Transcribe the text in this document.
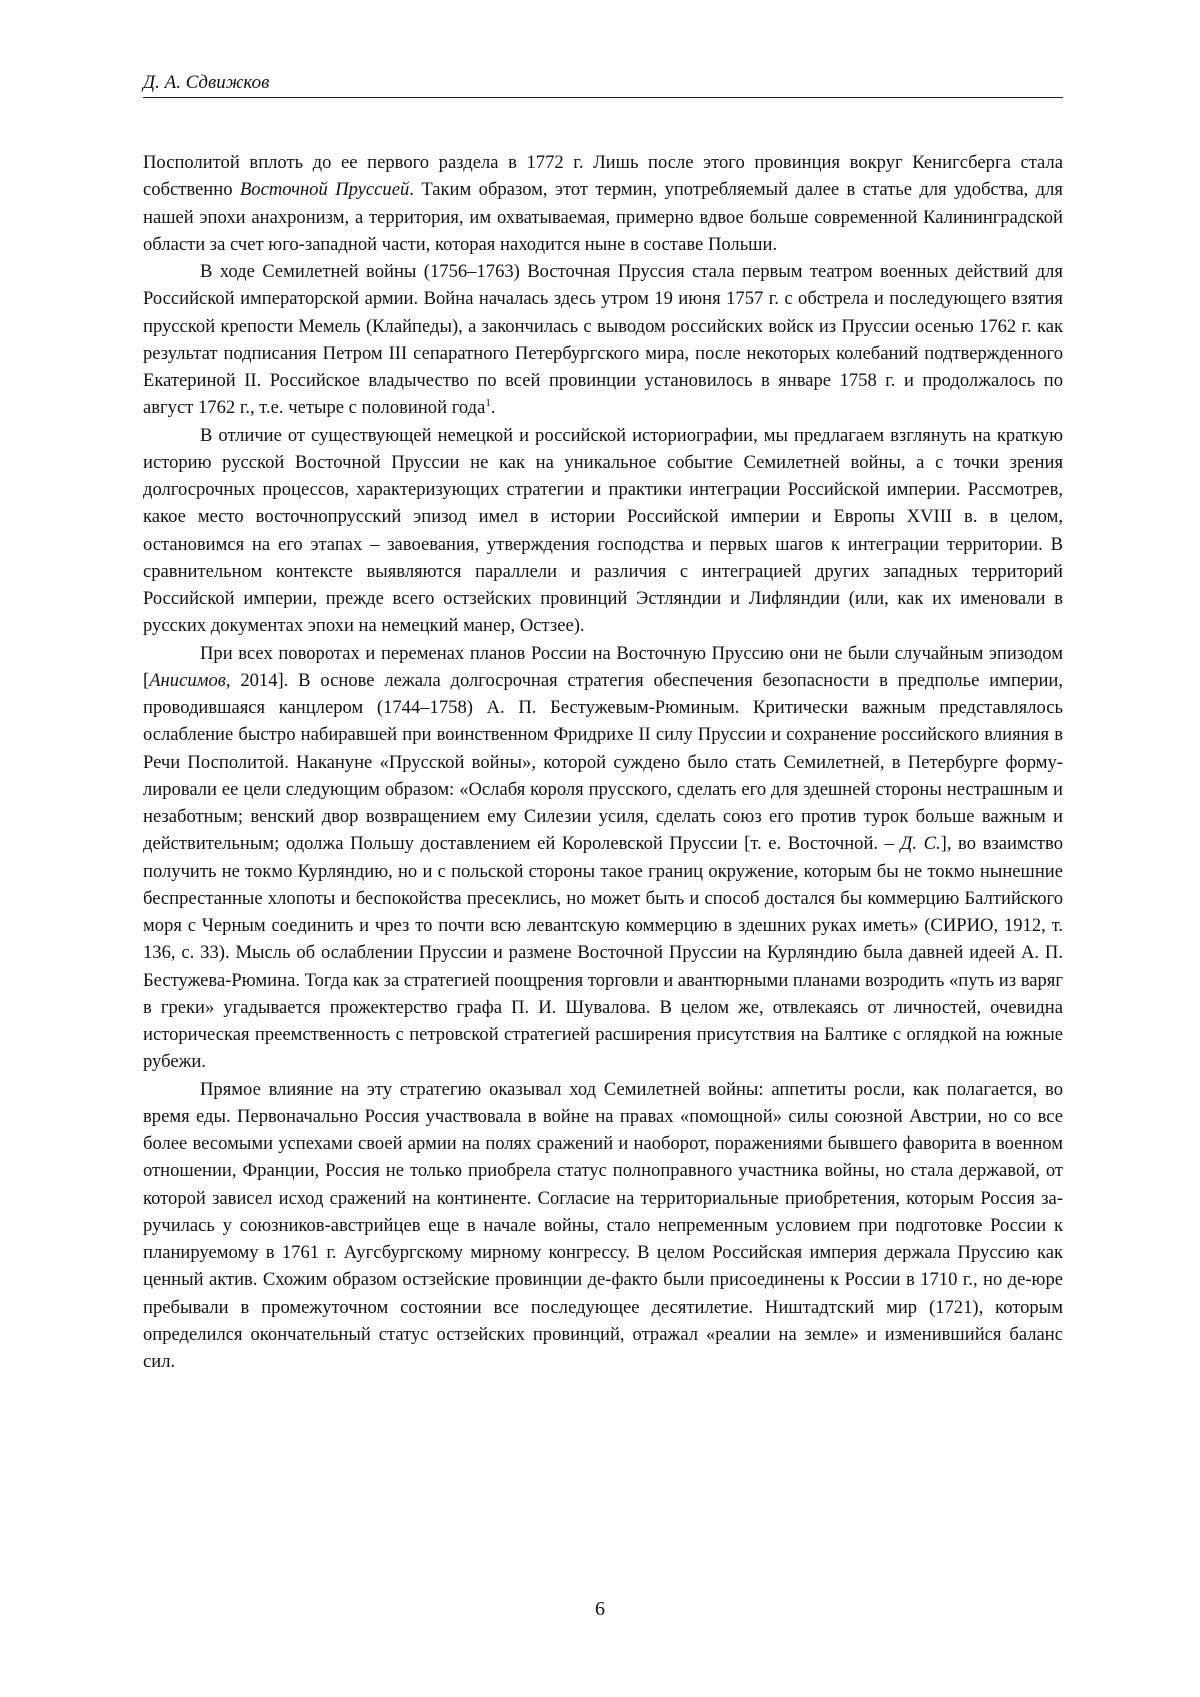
Д. А. Сдвижков

Посполитой вплоть до ее первого раздела в 1772 г. Лишь после этого провинция вокруг Кениг­сберга стала собственно Восточной Пруссией. Таким образом, этот термин, употребляемый да­лее в статье для удобства, для нашей эпохи анахронизм, а территория, им охватываемая, при­мерно вдвое больше современной Калининградской области за счет юго-западной части, кото­рая находится ныне в составе Польши.

В ходе Семилетней войны (1756–1763) Восточная Пруссия стала первым театром воен­ных действий для Российской императорской армии. Война началась здесь утром 19 июня 1757 г. с обстрела и последующего взятия прусской крепости Мемель (Клайпеды), а закончи­лась с выводом российских войск из Пруссии осенью 1762 г. как результат подписания Петром III сепаратного Петербургского мира, после некоторых колебаний подтвержденного Екатери­ной II. Российское владычество по всей провинции установилось в январе 1758 г. и продолжа­лось по август 1762 г., т.е. четыре с половиной года1.

В отличие от существующей немецкой и российской историографии, мы предлагаем взглянуть на краткую историю русской Восточной Пруссии не как на уникальное событие Се­милетней войны, а с точки зрения долгосрочных процессов, характеризующих стратегии и практики интеграции Российской империи. Рассмотрев, какое место восточнопрусский эпизод имел в истории Российской империи и Европы XVIII в. в целом, остановимся на его этапах – завоевания, утверждения господства и первых шагов к интеграции территории. В сравнитель­ном контексте выявляются параллели и различия с интеграцией других западных территорий Российской империи, прежде всего остзейских провинций Эстляндии и Лифляндии (или, как их именовали в русских документах эпохи на немецкий манер, Остзее).

При всех поворотах и переменах планов России на Восточную Пруссию они не были случайным эпизодом [Анисимов, 2014]. В основе лежала долгосрочная стратегия обеспечения безопасности в предполье империи, проводившаяся канцлером (1744–1758) А. П. Бестужевым-Рюминым. Критически важным представлялось ослабление быстро набиравшей при воин­ственном Фридрихе II силу Пруссии и сохранение российского влияния в Речи Посполитой. Накануне «Прусской войны», которой суждено было стать Семилетней, в Петербурге форму­лировали ее цели следующим образом: «Ослабя короля прусского, сделать его для здешней стороны нестрашным и незаботным; венский двор возвращением ему Силезии усиля, сделать союз его против турок больше важным и действительным; одолжа Польшу доставлением ей Королевской Пруссии [т. е. Восточной. – Д. С.], во взаимство получить не токмо Курляндию, но и с польской стороны такое границ окружение, которым бы не токмо нынешние беспрестан­ные хлопоты и беспокойства пресеклись, но может быть и способ достался бы коммерцию Бал­тийского моря с Черным соединить и чрез то почти всю левантскую коммерцию в здешних ру­ках иметь» (СИРИО, 1912, т. 136, с. 33). Мысль об ослаблении Пруссии и размене Восточной Пруссии на Курляндию была давней идеей А. П. Бестужева-Рюмина. Тогда как за стратегией поощрения торговли и авантюрными планами возродить «путь из варяг в греки» угадывается прожектерство графа П. И. Шувалова. В целом же, отвлекаясь от личностей, очевидна истори­ческая преемственность с петровской стратегией расширения присутствия на Балтике с огляд­кой на южные рубежи.

Прямое влияние на эту стратегию оказывал ход Семилетней войны: аппетиты росли, как полагается, во время еды. Первоначально Россия участвовала в войне на правах «помощной» силы союзной Австрии, но со все более весомыми успехами своей армии на полях сражений и наоборот, поражениями бывшего фаворита в военном отношении, Франции, Россия не только приобрела статус полноправного участника войны, но стала державой, от которой зависел ис­ход сражений на континенте. Согласие на территориальные приобретения, которым Россия за­ручилась у союзников-австрийцев еще в начале войны, стало непременным условием при под­готовке России к планируемому в 1761 г. Аугсбургскому мирному конгрессу. В целом Россий­ская империя держала Пруссию как ценный актив. Схожим образом остзейские провинции де-факто были присоединены к России в 1710 г., но де-юре пребывали в промежуточном состоя­нии все последующее десятилетие. Ништадтский мир (1721), которым определился оконча­тельный статус остзейских провинций, отражал «реалии на земле» и изменившийся баланс сил.

6
